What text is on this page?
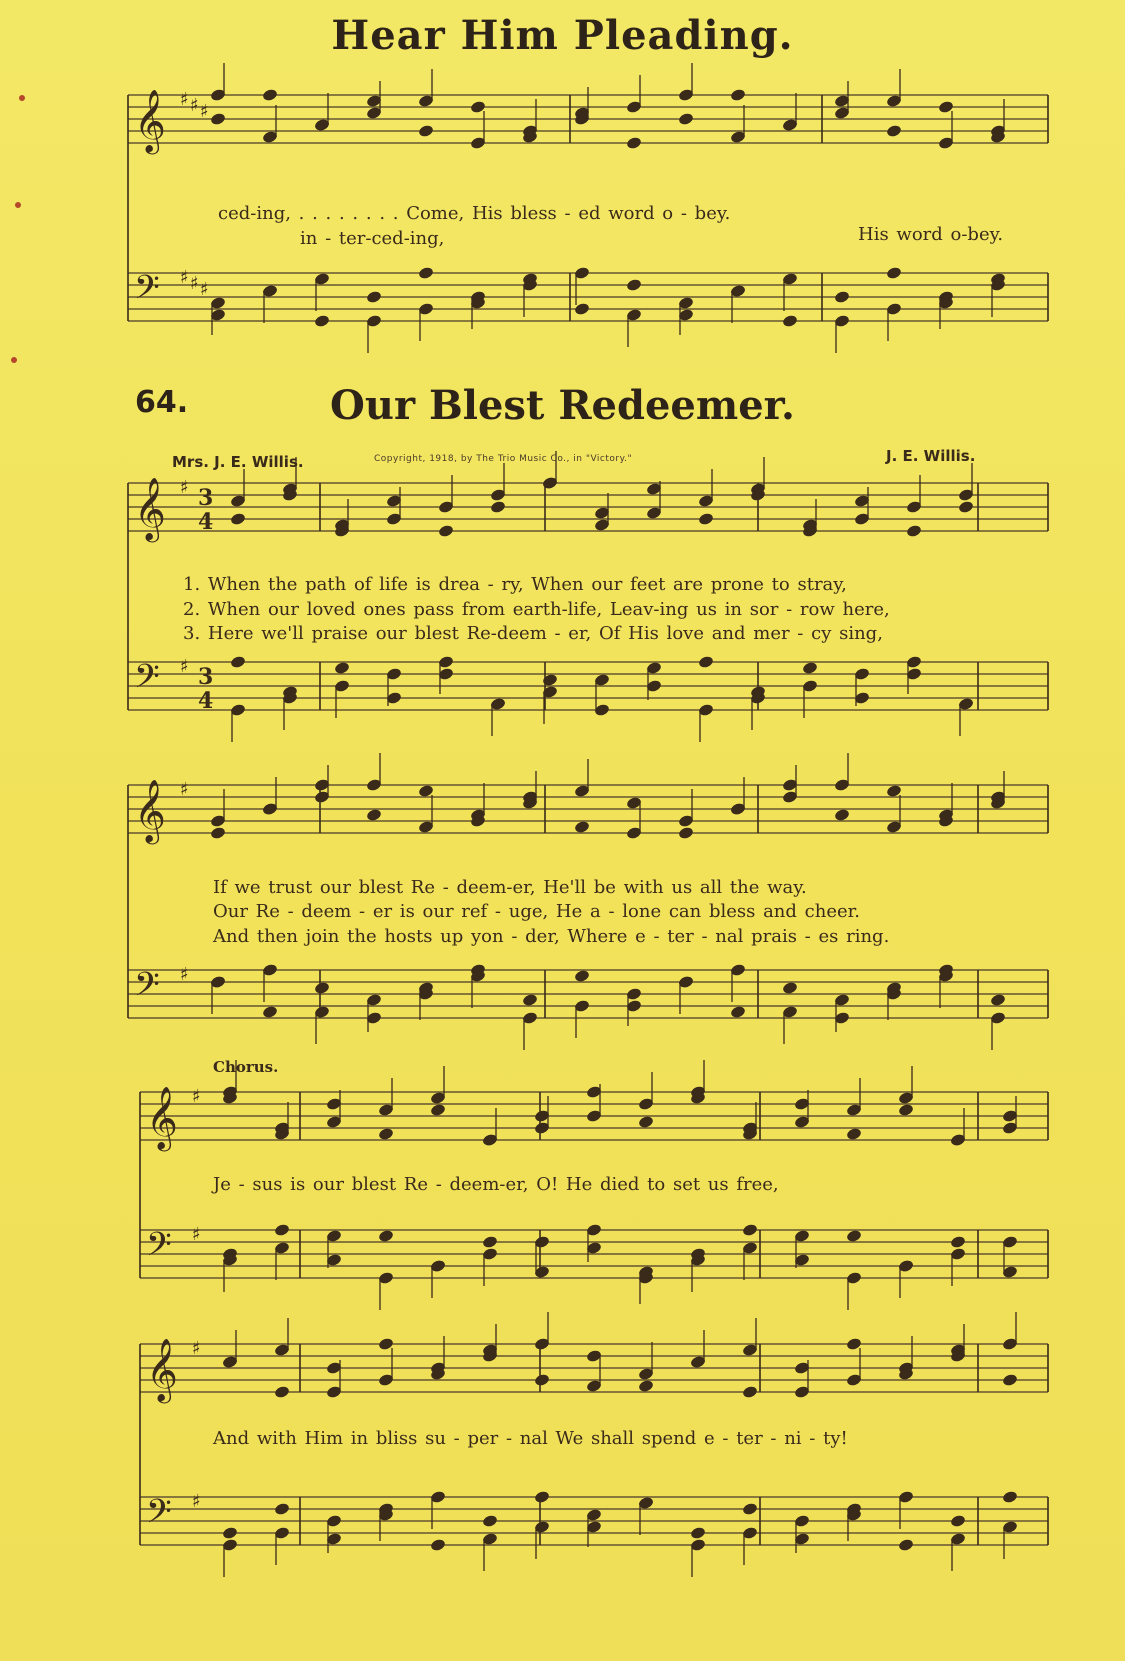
𝄞 ♯ ♯ ♯
𝄢 ♯ ♯ ♯
𝄞 ♯ 3
4
𝄢 ♯ 3
4
𝄞 ♯
𝄢 ♯
𝄞 ♯
𝄢 ♯
𝄞 ♯
𝄢 ♯
Hear Him Pleading.
ced-ing, . . . . . . . . Come, His bless - ed word o - bey.
in - ter-ced-ing,	His word o-bey.
64.	Our Blest Redeemer.
Mrs. J. E. Willis.	Copyright, 1918, by The Trio Music Co., in "Victory."	J. E. Willis.
1. When the path of life is drea - ry, When our feet are prone to stray,
2. When our loved ones pass from earth-life, Leav-ing us in sor - row here,
3. Here we'll praise our blest Re-deem - er, Of His love and mer - cy sing,
If we trust our blest Re - deem-er, He'll be with us all the way.
Our Re - deem - er is our ref - uge, He a - lone can bless and cheer.
And then join the hosts up yon - der, Where e - ter - nal prais - es ring.
Chorus.
Je - sus is our blest Re - deem-er, O! He died to set us free,
And with Him in bliss su - per - nal We shall spend e - ter - ni - ty!
